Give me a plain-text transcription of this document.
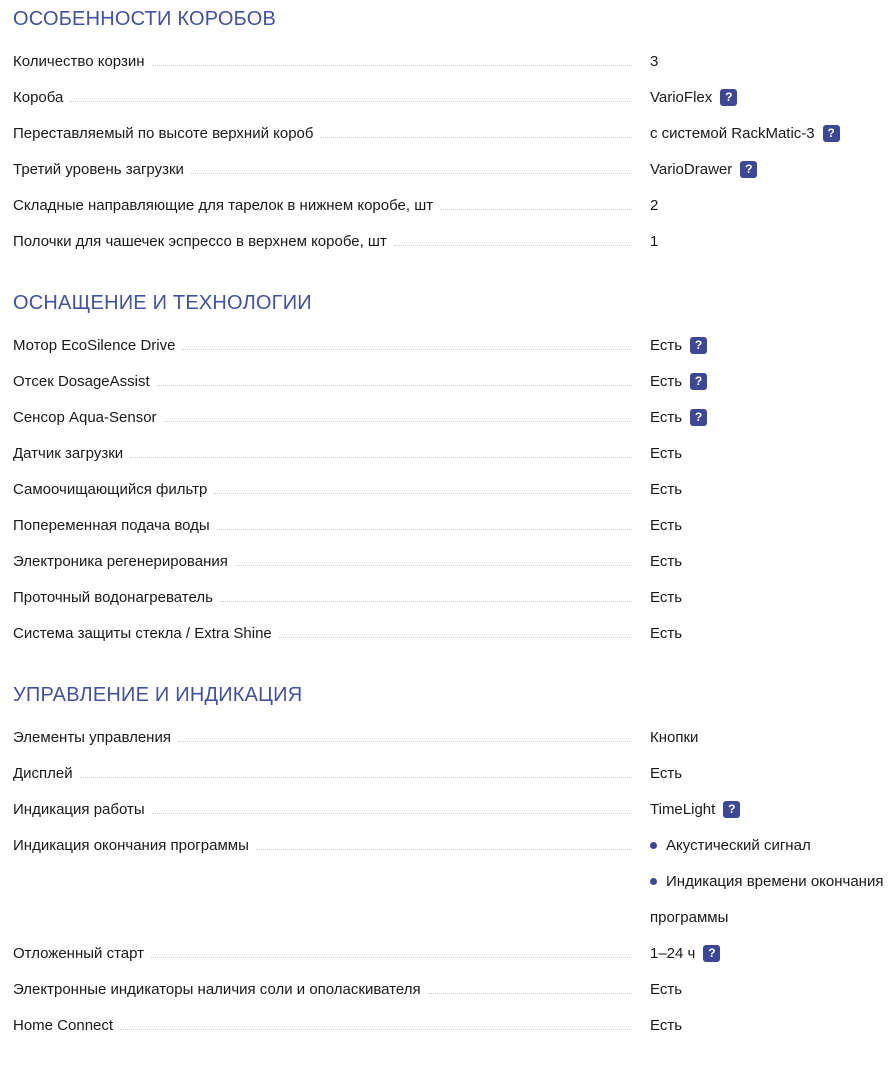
ОСОБЕННОСТИ КОРОБОВ
Количество корзин	3
Короба	VarioFlex ?
Переставляемый по высоте верхний короб	с системой RackMatic-3 ?
Третий уровень загрузки	VarioDrawer ?
Складные направляющие для тарелок в нижнем коробе, шт	2
Полочки для чашечек эспрессо в верхнем коробе, шт	1
ОСНАЩЕНИЕ И ТЕХНОЛОГИИ
Мотор EcoSilence Drive	Есть ?
Отсек DosageAssist	Есть ?
Сенсор Aqua-Sensor	Есть ?
Датчик загрузки	Есть
Самоочищающийся фильтр	Есть
Попеременная подача воды	Есть
Электроника регенерирования	Есть
Проточный водонагреватель	Есть
Система защиты стекла / Extra Shine	Есть
УПРАВЛЕНИЕ И ИНДИКАЦИЯ
Элементы управления	Кнопки
Дисплей	Есть
Индикация работы	TimeLight ?
Индикация окончания программы	Акустический сигнал
Индикация времени окончания программы
Отложенный старт	1–24 ч ?
Электронные индикаторы наличия соли и ополаскивателя	Есть
Home Connect	Есть
